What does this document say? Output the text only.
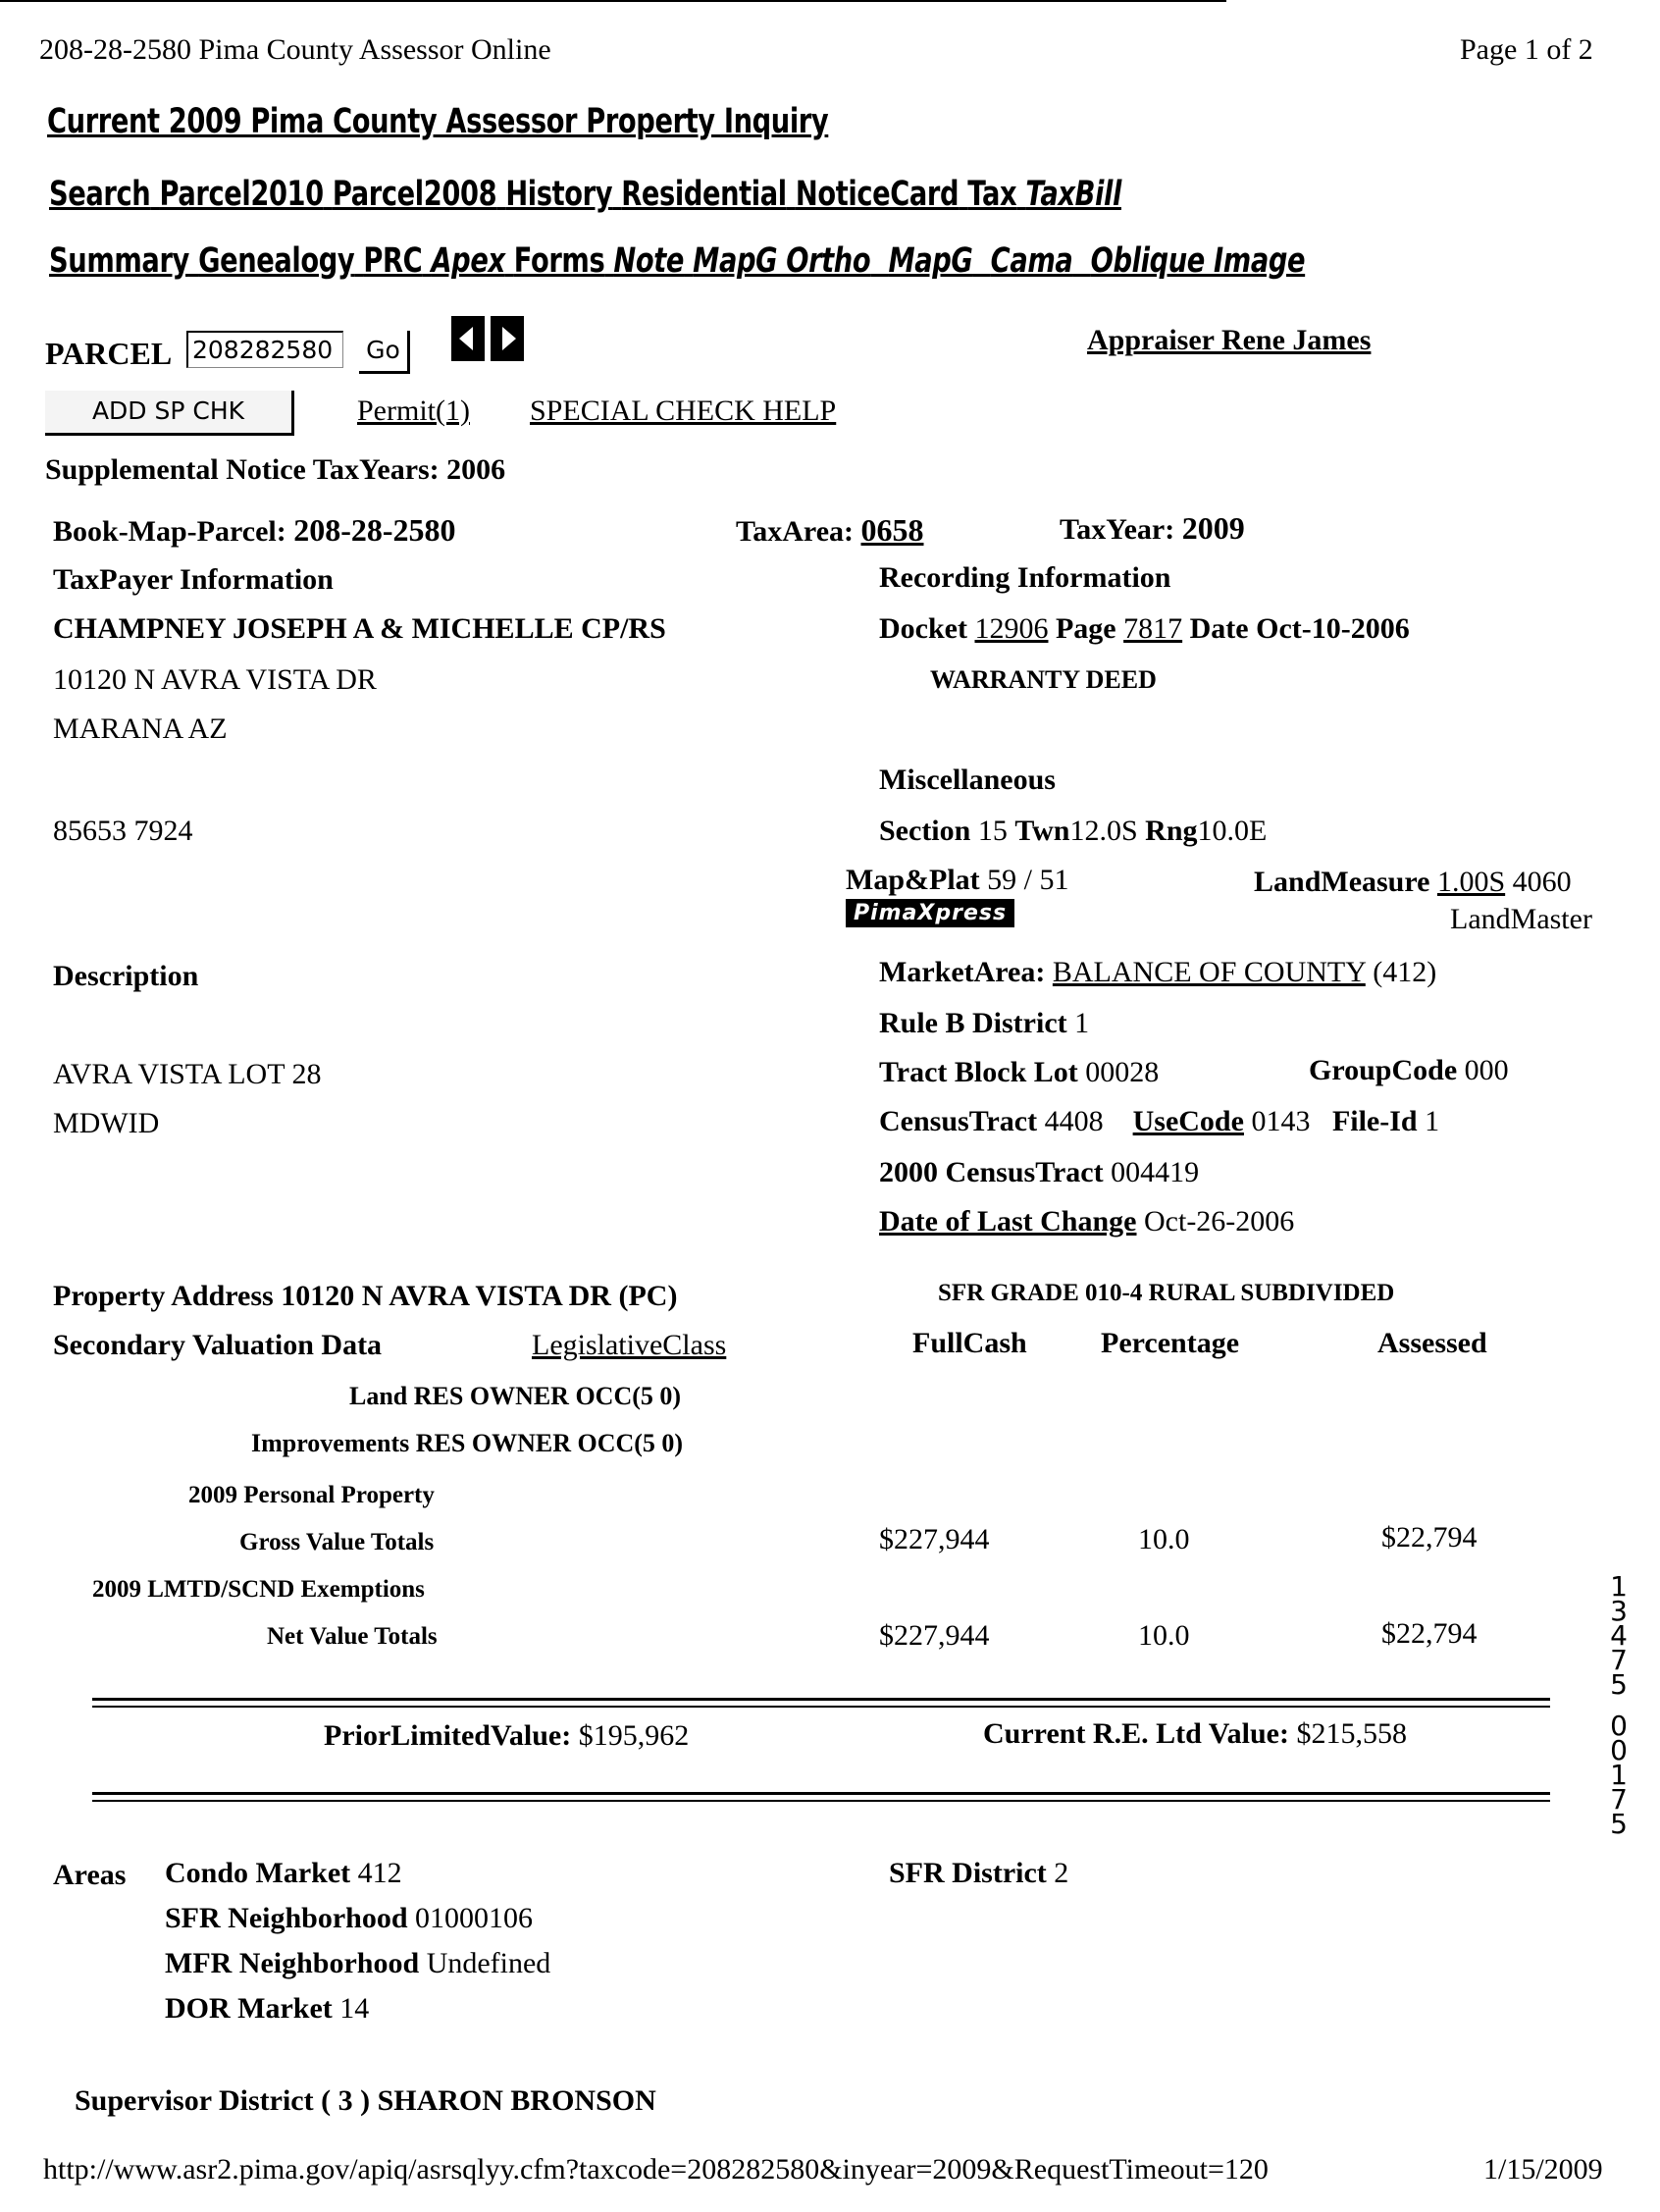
208-28-2580 Pima County Assessor Online	Page 1 of 2
Current 2009 Pima County Assessor Property Inquiry
Search Parcel2010 Parcel2008 History Residential NoticeCard Tax TaxBill
Summary Genealogy PRC Apex Forms Note MapG Ortho MapG Cama Oblique Image
PARCEL
208282580	Go	Appraiser Rene James
ADD SP CHK	Permit(1) SPECIAL CHECK HELP
Supplemental Notice TaxYears: 2006
Book-Map-Parcel: 208-28-2580	TaxArea: 0658	TaxYear: 2009
TaxPayer Information
CHAMPNEY JOSEPH A & MICHELLE CP/RS
10120 N AVRA VISTA DR
MARANA AZ
85653 7924
Recording Information
Docket 12906 Page 7817 Date Oct-10-2006
WARRANTY DEED
Miscellaneous
Section 15 Twn12.0S Rng10.0E
Map&Plat 59 / 51
PimaXpress
LandMeasure 1.00S 4060
LandMaster
Description
AVRA VISTA LOT 28
MDWID
MarketArea: BALANCE OF COUNTY (412)
Rule B District 1
Tract Block Lot 00028	GroupCode 000
CensusTract 4408 UseCode 0143 File-Id 1
2000 CensusTract 004419
Date of Last Change Oct-26-2006
Property Address 10120 N AVRA VISTA DR (PC)	SFR GRADE 010-4 RURAL SUBDIVIDED
Secondary Valuation Data	LegislativeClass	FullCash	Percentage	Assessed
Land RES OWNER OCC(5 0)
Improvements RES OWNER OCC(5 0)
2009 Personal Property
Gross Value Totals	$227,944	10.0	$22,794
2009 LMTD/SCND Exemptions
Net Value Totals	$227,944	10.0	$22,794
PriorLimitedValue: $195,962	Current R.E. Ltd Value: $215,558
Areas Condo Market 412
SFR Neighborhood 01000106
MFR Neighborhood Undefined
DOR Market 14
SFR District 2
Supervisor District ( 3 ) SHARON BRONSON
http://www.asr2.pima.gov/apiq/asrsqlyy.cfm?taxcode=208282580&inyear=2009&RequestTimeout=120	1/15/2009
13475
00175
